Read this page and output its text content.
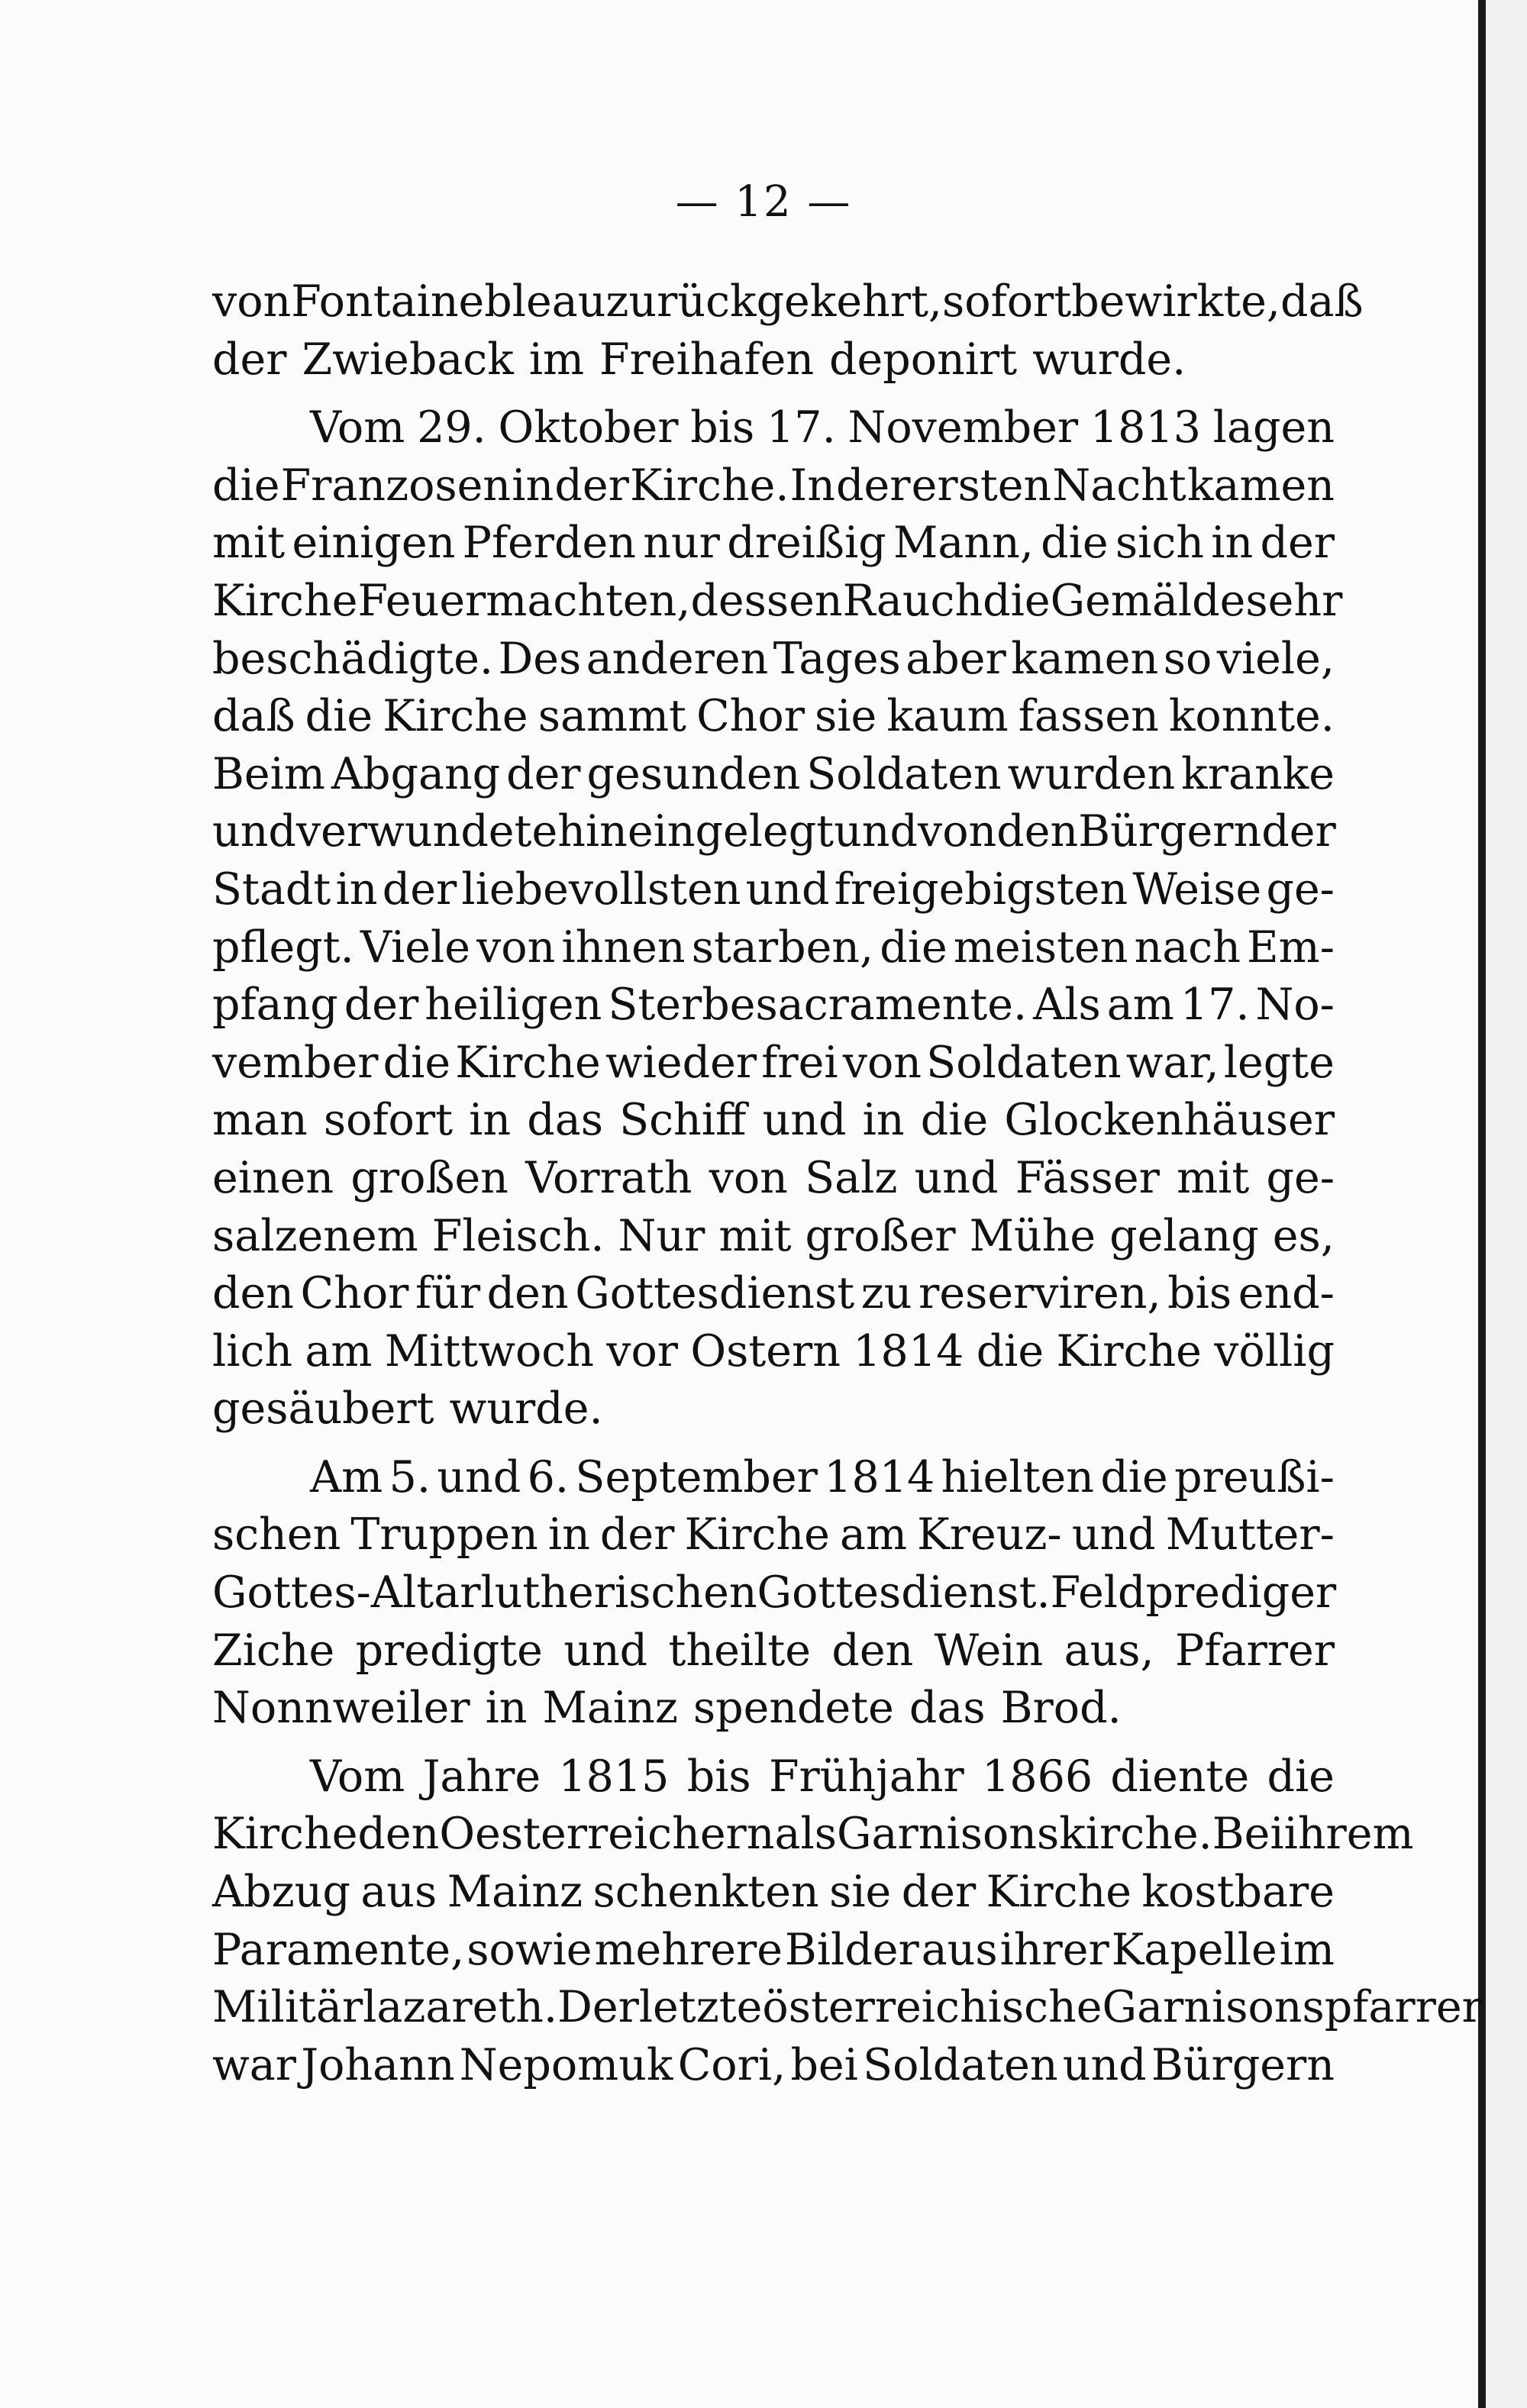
— 12 —
von Fontainebleau zurückgekehrt, sofort bewirkte, daß
der Zwieback im Freihafen deponirt wurde.
Vom 29. Oktober bis 17. November 1813 lagen
die Franzosen in der Kirche. In der ersten Nacht kamen
mit einigen Pferden nur dreißig Mann, die sich in der
Kirche Feuer machten, dessen Rauch die Gemälde sehr
beschädigte. Des anderen Tages aber kamen so viele,
daß die Kirche sammt Chor sie kaum fassen konnte.
Beim Abgang der gesunden Soldaten wurden kranke
und verwundete hineingelegt und von den Bürgern der
Stadt in der liebevollsten und freigebigsten Weise ge-
pflegt. Viele von ihnen starben, die meisten nach Em-
pfang der heiligen Sterbesacramente. Als am 17. No-
vember die Kirche wieder frei von Soldaten war, legte
man sofort in das Schiff und in die Glockenhäuser
einen großen Vorrath von Salz und Fässer mit ge-
salzenem Fleisch. Nur mit großer Mühe gelang es,
den Chor für den Gottesdienst zu reserviren, bis end-
lich am Mittwoch vor Ostern 1814 die Kirche völlig
gesäubert wurde.
Am 5. und 6. September 1814 hielten die preußi-
schen Truppen in der Kirche am Kreuz- und Mutter-
Gottes-Altar lutherischen Gottesdienst. Feldprediger
Ziche predigte und theilte den Wein aus, Pfarrer
Nonnweiler in Mainz spendete das Brod.
Vom Jahre 1815 bis Frühjahr 1866 diente die
Kirche den Oesterreichern als Garnisonskirche. Bei ihrem
Abzug aus Mainz schenkten sie der Kirche kostbare
Paramente, sowie mehrere Bilder aus ihrer Kapelle im
Militärlazareth. Der letzte österreichische Garnisonspfarrer
war Johann Nepomuk Cori, bei Soldaten und Bürgern
